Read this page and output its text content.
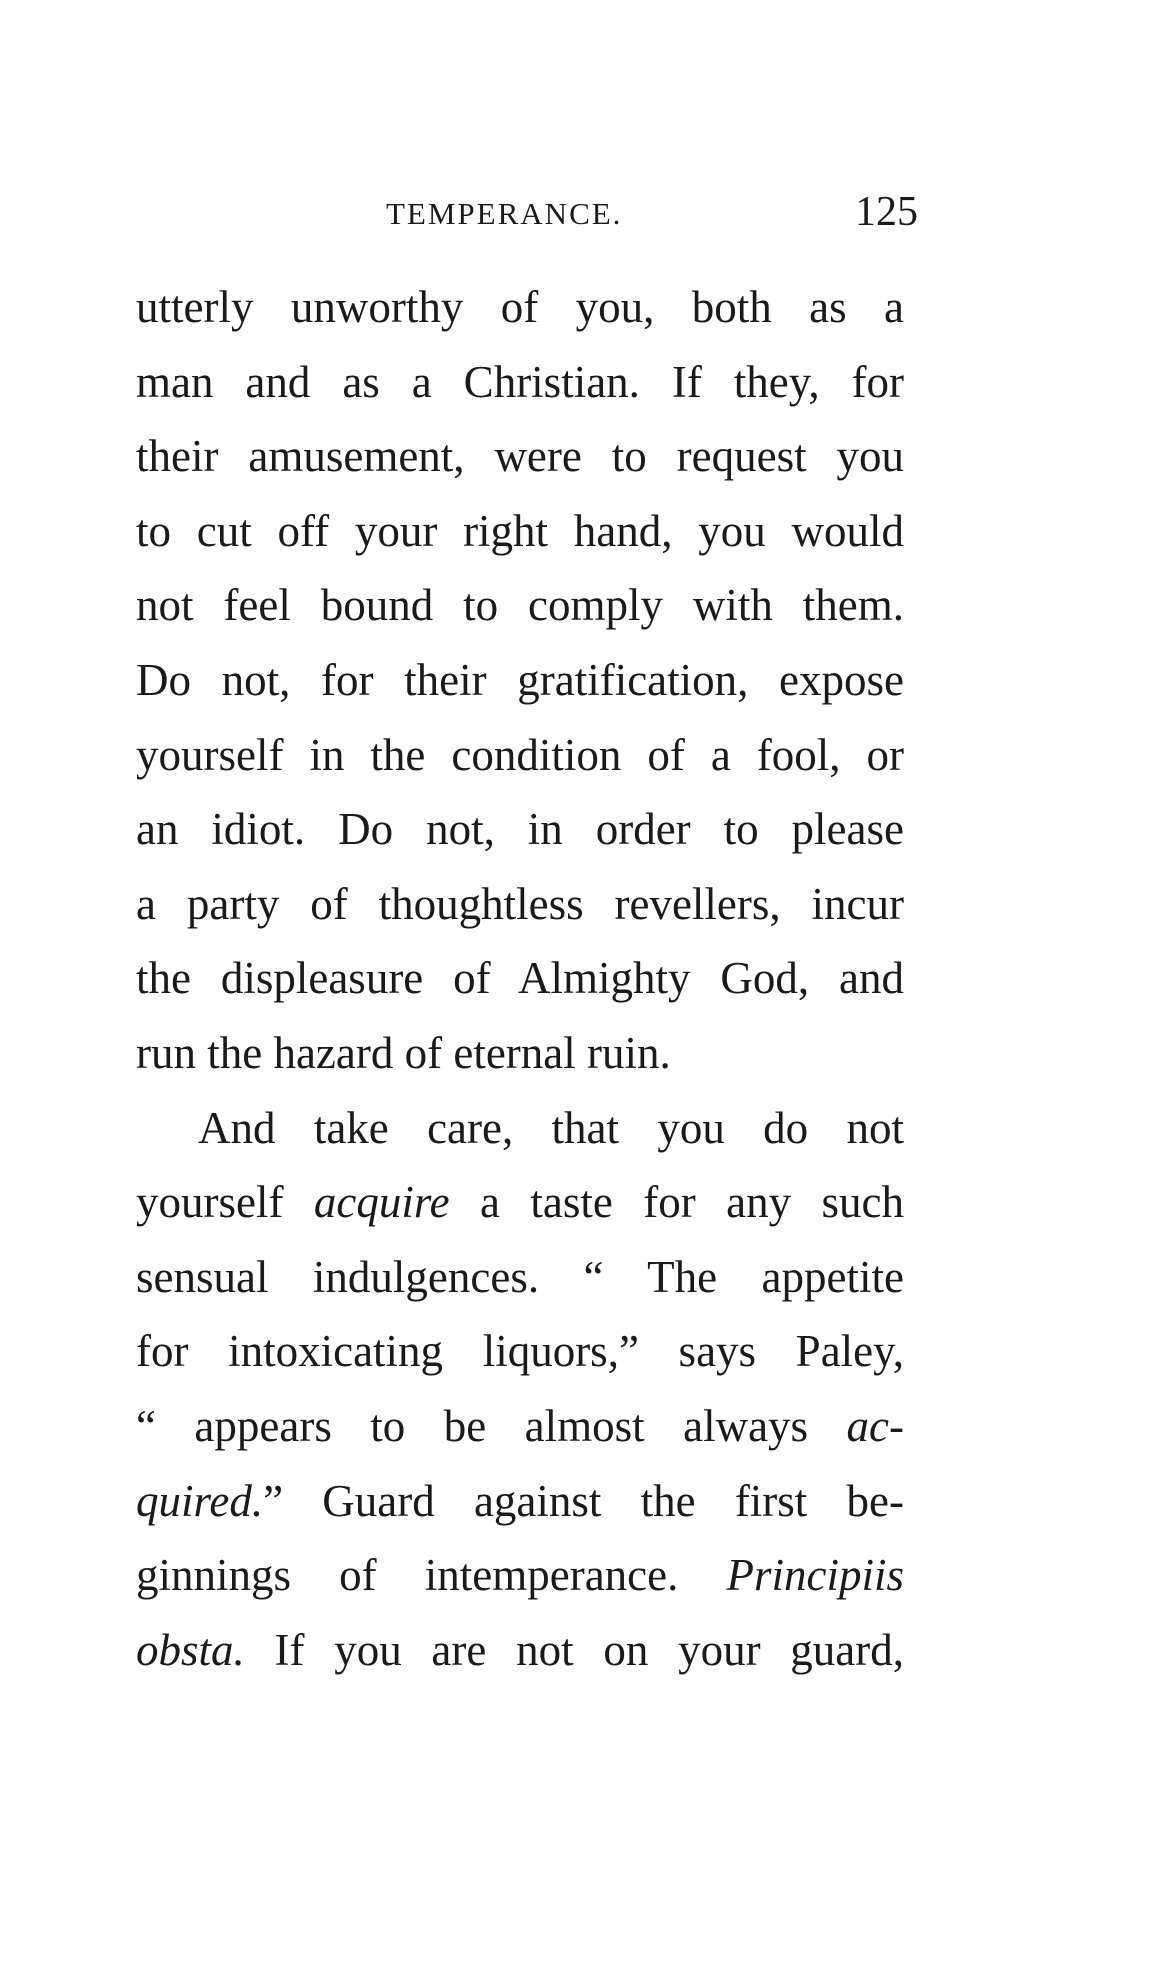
TEMPERANCE.	125
utterly unworthy of you, both as a
man and as a Christian. If they, for
their amusement, were to request you
to cut off your right hand, you would
not feel bound to comply with them.
Do not, for their gratification, expose
yourself in the condition of a fool, or
an idiot. Do not, in order to please
a party of thoughtless revellers, incur
the displeasure of Almighty God, and
run the hazard of eternal ruin.
And take care, that you do not
yourself acquire a taste for any such
sensual indulgences. “ The appetite
for intoxicating liquors,” says Paley,
“ appears to be almost always ac-
quired.” Guard against the first be-
ginnings of intemperance. Principiis
obsta. If you are not on your guard,
